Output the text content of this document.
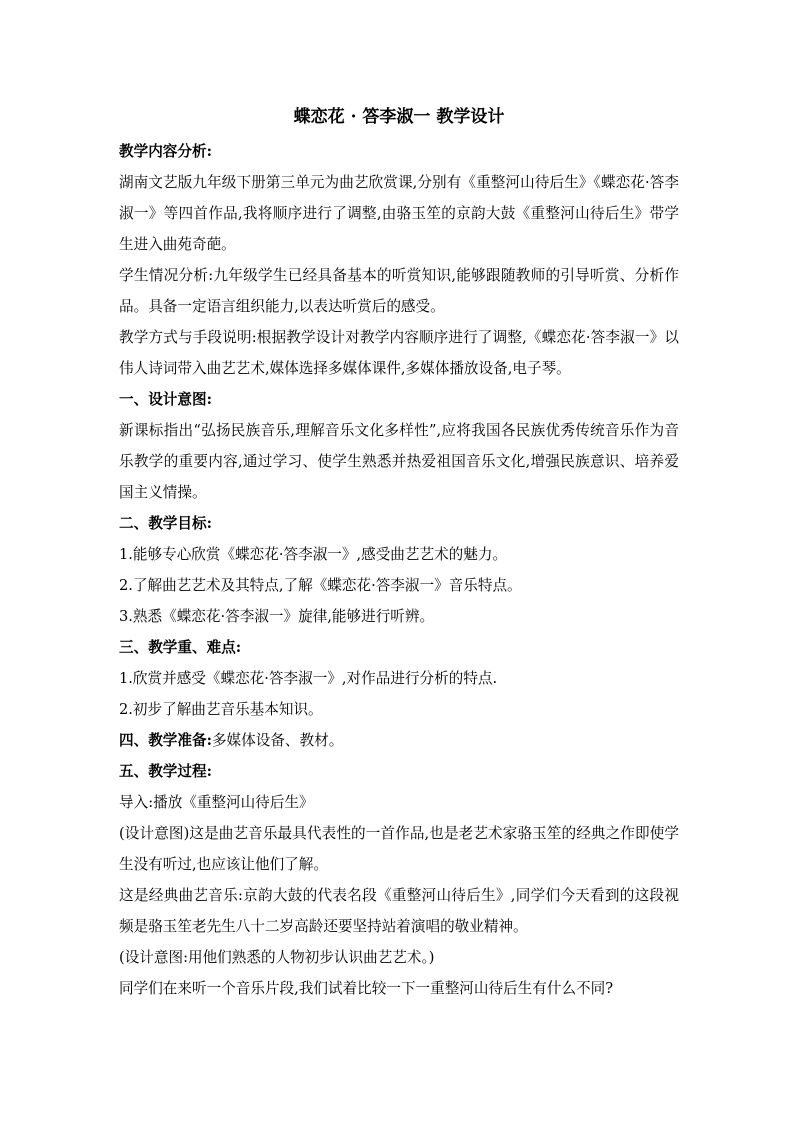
蝶恋花 · 答李淑一 教学设计

教学内容分析:

湖南文艺版九年级下册第三单元为曲艺欣赏课,分别有《重整河山待后生》《蝶恋花·答李淑一》等四首作品,我将顺序进行了调整,由骆玉笙的京韵大鼓《重整河山待后生》带学生进入曲苑奇葩。

学生情况分析:九年级学生已经具备基本的听赏知识,能够跟随教师的引导听赏、分析作品。具备一定语言组织能力,以表达听赏后的感受。

教学方式与手段说明:根据教学设计对教学内容顺序进行了调整,《蝶恋花·答李淑一》以伟人诗词带入曲艺艺术,媒体选择多媒体课件,多媒体播放设备,电子琴。

一、设计意图:

新课标指出“弘扬民族音乐,理解音乐文化多样性”,应将我国各民族优秀传统音乐作为音乐教学的重要内容,通过学习、使学生熟悉并热爱祖国音乐文化,增强民族意识、培养爱国主义情操。

二、教学目标:

1.能够专心欣赏《蝶恋花·答李淑一》,感受曲艺艺术的魅力。

2.了解曲艺艺术及其特点,了解《蝶恋花·答李淑一》音乐特点。

3.熟悉《蝶恋花·答李淑一》旋律,能够进行听辨。

三、教学重、难点:

1.欣赏并感受《蝶恋花·答李淑一》,对作品进行分析的特点.

2.初步了解曲艺音乐基本知识。

四、教学准备:多媒体设备、教材。

五、教学过程:

导入:播放《重整河山待后生》

(设计意图)这是曲艺音乐最具代表性的一首作品,也是老艺术家骆玉笙的经典之作即使学生没有听过,也应该让他们了解。

这是经典曲艺音乐:京韵大鼓的代表名段《重整河山待后生》,同学们今天看到的这段视频是骆玉笙老先生八十二岁高龄还要坚持站着演唱的敬业精神。

(设计意图:用他们熟悉的人物初步认识曲艺艺术。)

同学们在来听一个音乐片段,我们试着比较一下一重整河山待后生有什么不同?
